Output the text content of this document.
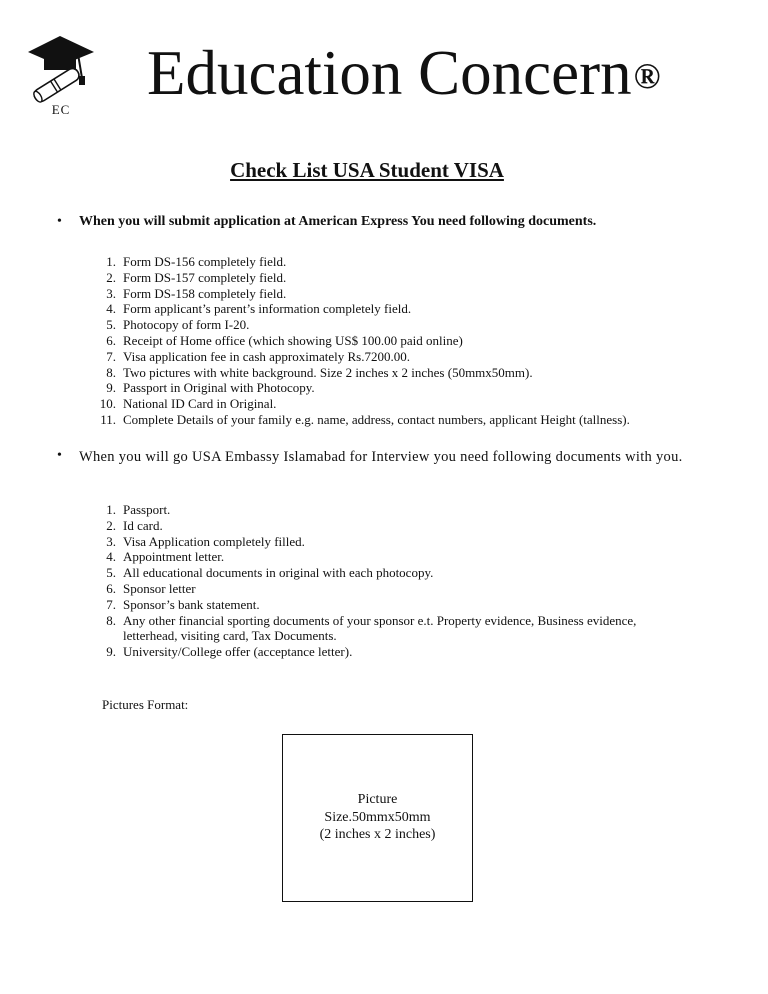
EC
Education Concern®
Check List USA Student VISA
• When you will submit application at American Express You need following documents.
1. Form DS-156 completely field.
2. Form DS-157 completely field.
3. Form DS-158 completely field.
4. Form applicant’s parent’s information completely field.
5. Photocopy of form I-20.
6. Receipt of Home office (which showing US$ 100.00 paid online)
7. Visa application fee in cash approximately Rs.7200.00.
8. Two pictures with white background. Size 2 inches x 2 inches (50mmx50mm).
9. Passport in Original with Photocopy.
10. National ID Card in Original.
11. Complete Details of your family e.g. name, address, contact numbers, applicant Height (tallness).
• When you will go USA Embassy Islamabad for Interview you need following documents with you.
1. Passport.
2. Id card.
3. Visa Application completely filled.
4. Appointment letter.
5. All educational documents in original with each photocopy.
6. Sponsor letter
7. Sponsor’s bank statement.
8. Any other financial sporting documents of your sponsor e.t. Property evidence, Business evidence, letterhead, visiting card, Tax Documents.
9. University/College offer (acceptance letter).
Pictures Format:
Picture
Size.50mmx50mm
(2 inches x 2 inches)
